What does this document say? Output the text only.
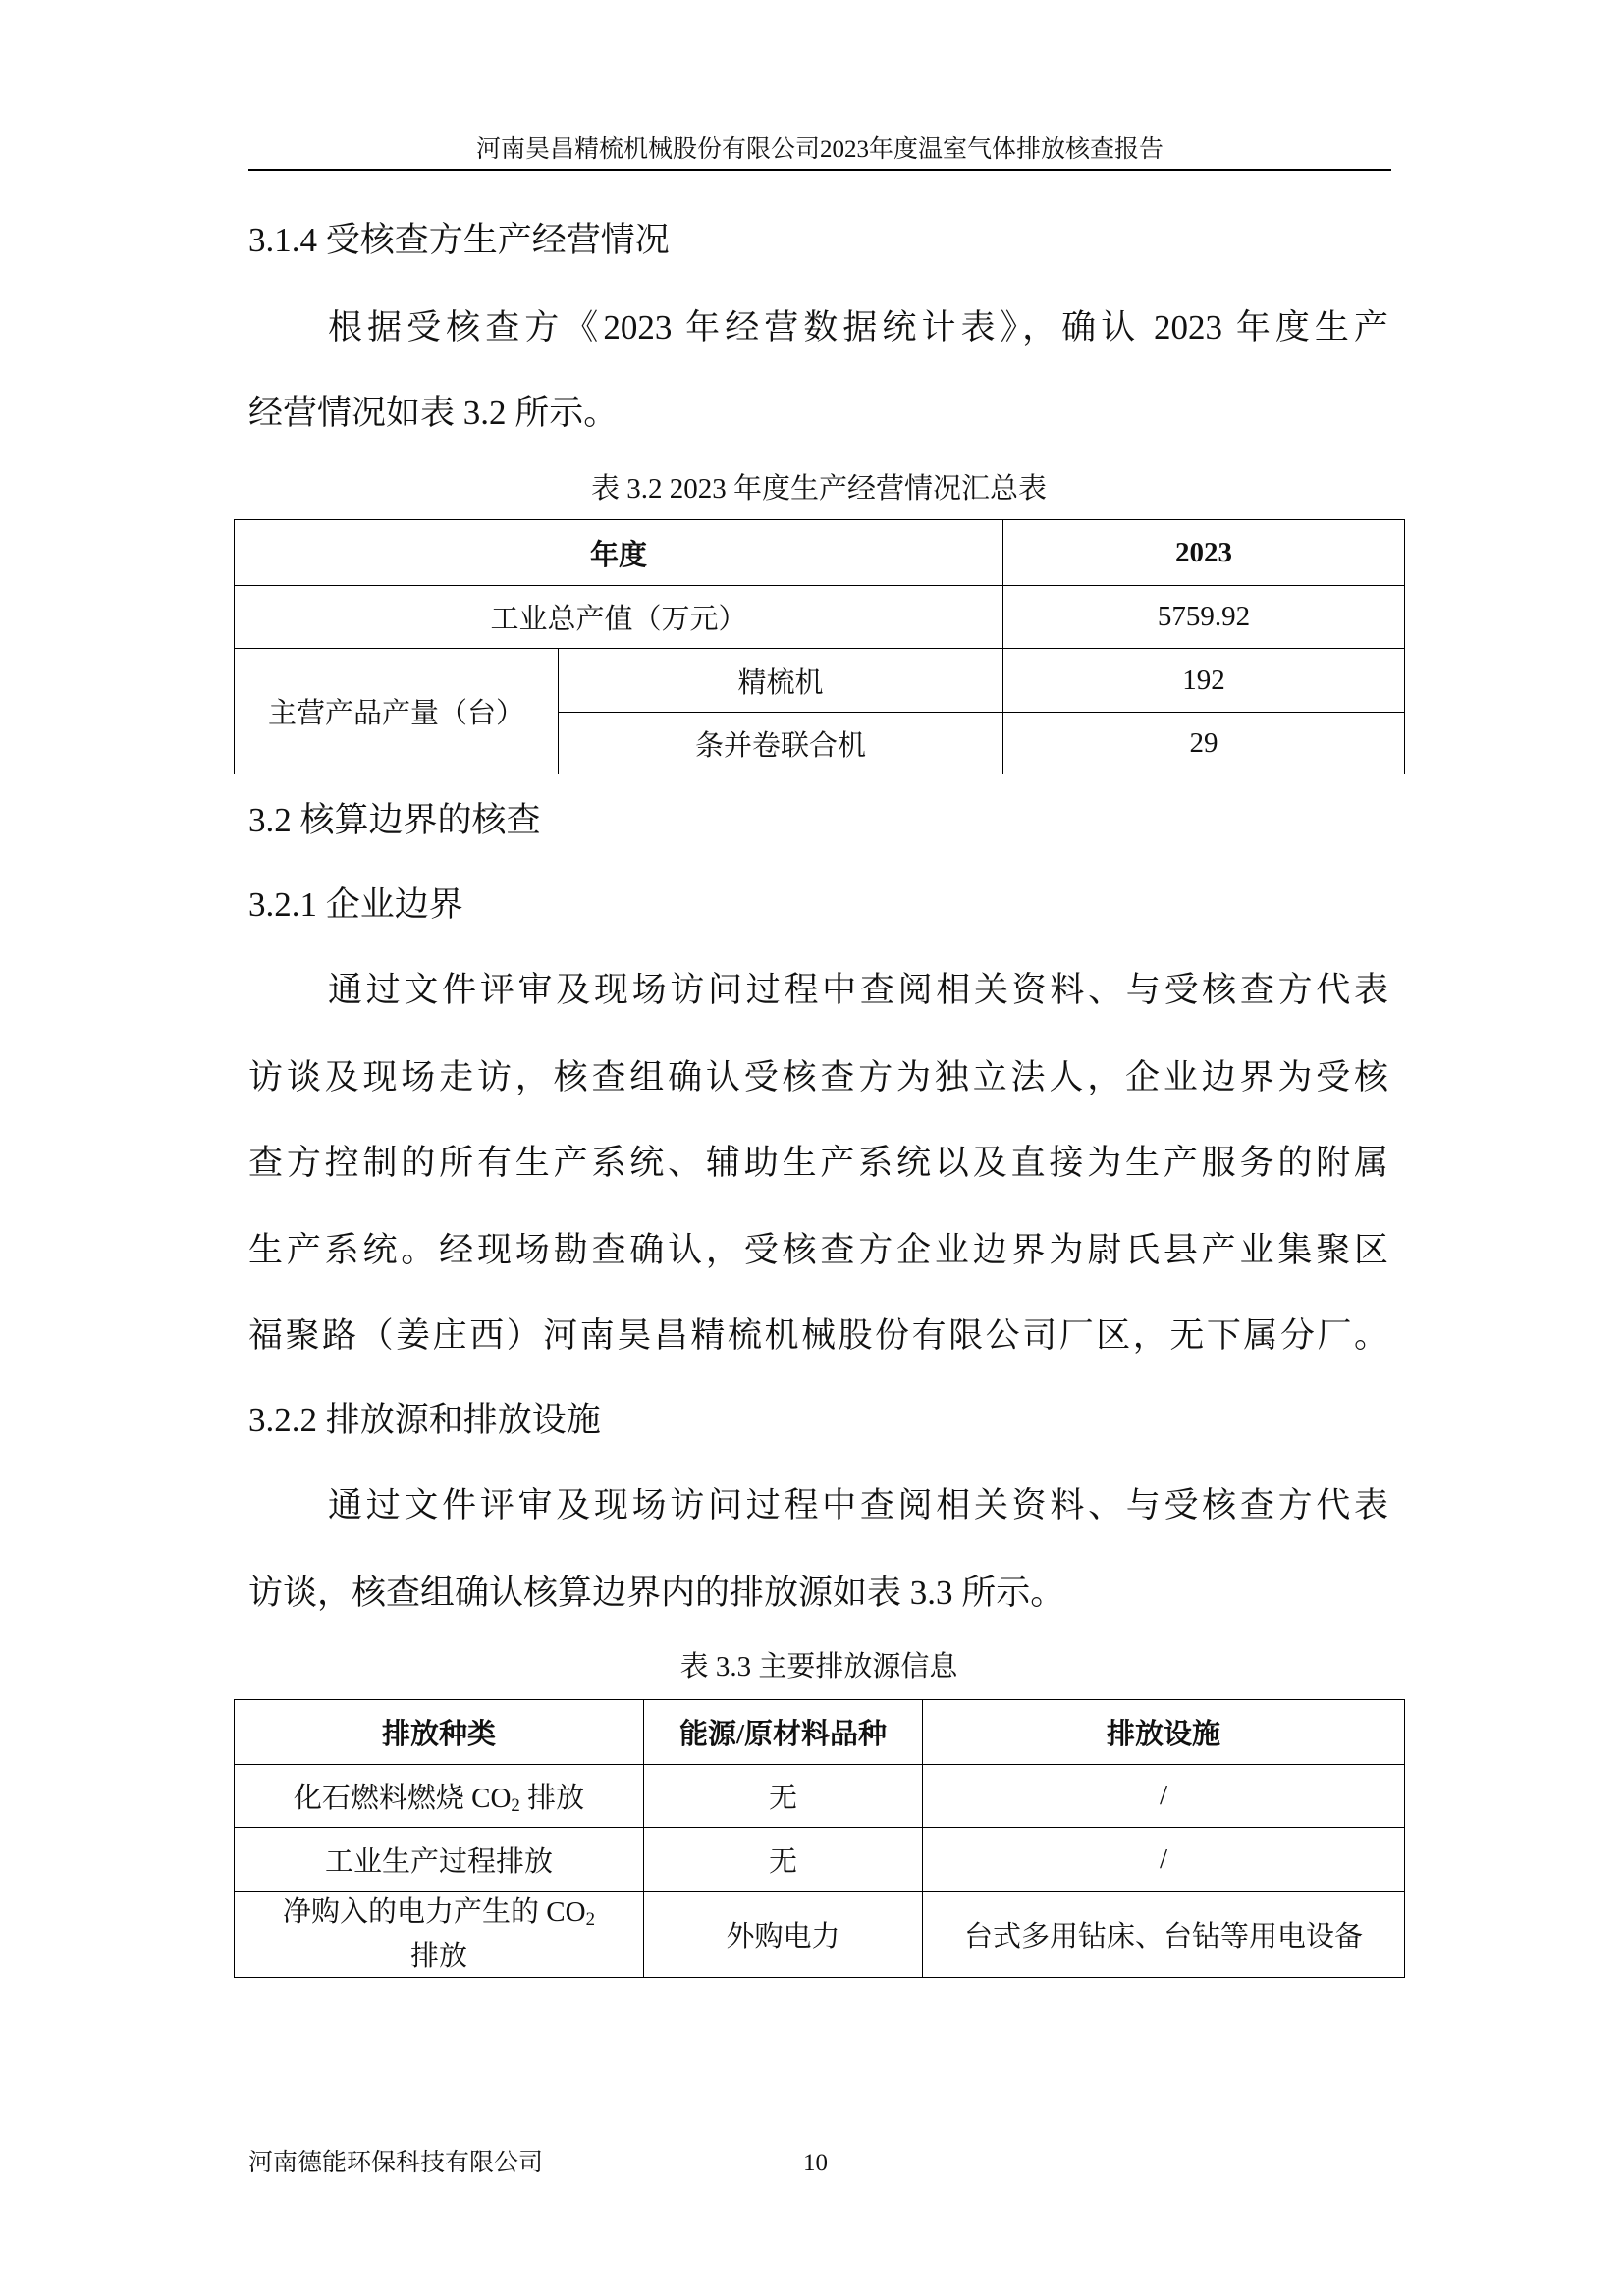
河南昊昌精梳机械股份有限公司2023年度温室气体排放核查报告
3.1.4 受核查方生产经营情况
根据受核查方《2023 年经营数据统计表》，确认 2023 年度生产
经营情况如表 3.2 所示。
表 3.2 2023 年度生产经营情况汇总表
年度		2023
工业总产值（万元）		5759.92
主营产品产量（台）	精梳机	192
	条并卷联合机	29
3.2 核算边界的核查
3.2.1 企业边界
通过文件评审及现场访问过程中查阅相关资料、与受核查方代表
访谈及现场走访，核查组确认受核查方为独立法人，企业边界为受核
查方控制的所有生产系统、辅助生产系统以及直接为生产服务的附属
生产系统。经现场勘查确认，受核查方企业边界为尉氏县产业集聚区
福聚路（姜庄西）河南昊昌精梳机械股份有限公司厂区，无下属分厂。
3.2.2 排放源和排放设施
通过文件评审及现场访问过程中查阅相关资料、与受核查方代表
访谈，核查组确认核算边界内的排放源如表 3.3 所示。
表 3.3 主要排放源信息
排放种类	能源/原材料品种	排放设施
化石燃料燃烧 $CO_2$ 排放	无	/
工业生产过程排放	无	/
净购入的电力产生的 $CO_2$
排放	外购电力	台式多用钻床、台钻等用电设备
河南德能环保科技有限公司	10
